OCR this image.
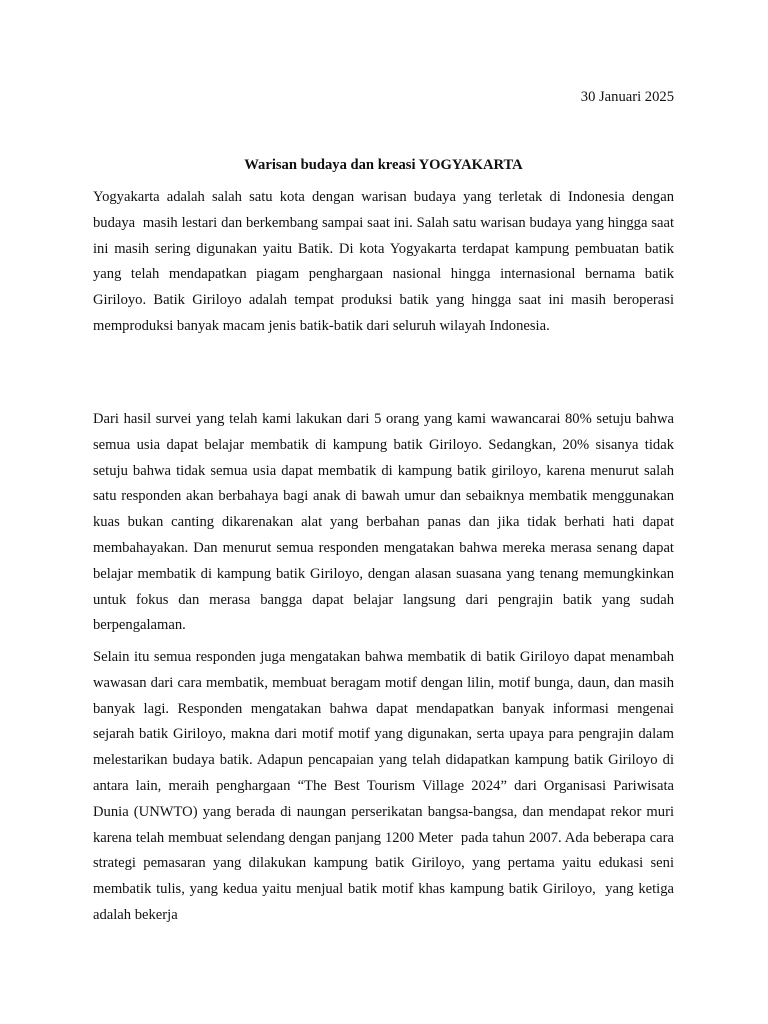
30 Januari 2025
Warisan budaya dan kreasi YOGYAKARTA

Yogyakarta adalah salah satu kota dengan warisan budaya yang terletak di Indonesia dengan budaya  masih lestari dan berkembang sampai saat ini. Salah satu warisan budaya yang hingga saat ini masih sering digunakan yaitu Batik. Di kota Yogyakarta terdapat kampung pembuatan batik yang telah mendapatkan piagam penghargaan nasional hingga internasional bernama batik Giriloyo. Batik Giriloyo adalah tempat produksi batik yang hingga saat ini masih beroperasi memproduksi banyak macam jenis batik-batik dari seluruh wilayah Indonesia.

Dari hasil survei yang telah kami lakukan dari 5 orang yang kami wawancarai 80% setuju bahwa semua usia dapat belajar membatik di kampung batik Giriloyo. Sedangkan, 20% sisanya tidak setuju bahwa tidak semua usia dapat membatik di kampung batik giriloyo, karena menurut salah satu responden akan berbahaya bagi anak di bawah umur dan sebaiknya membatik menggunakan kuas bukan canting dikarenakan alat yang berbahan panas dan jika tidak berhati hati dapat membahayakan. Dan menurut semua responden mengatakan bahwa mereka merasa senang dapat belajar membatik di kampung batik Giriloyo, dengan alasan suasana yang tenang memungkinkan untuk fokus dan merasa bangga dapat belajar langsung dari pengrajin batik yang sudah berpengalaman.

Selain itu semua responden juga mengatakan bahwa membatik di batik Giriloyo dapat menambah wawasan dari cara membatik, membuat beragam motif dengan lilin, motif bunga, daun, dan masih banyak lagi. Responden mengatakan bahwa dapat mendapatkan banyak informasi mengenai sejarah batik Giriloyo, makna dari motif motif yang digunakan, serta upaya para pengrajin dalam melestarikan budaya batik. Adapun pencapaian yang telah didapatkan kampung batik Giriloyo di antara lain, meraih penghargaan “The Best Tourism Village 2024” dari Organisasi Pariwisata Dunia (UNWTO) yang berada di naungan perserikatan bangsa-bangsa, dan mendapat rekor muri karena telah membuat selendang dengan panjang 1200 Meter  pada tahun 2007. Ada beberapa cara strategi pemasaran yang dilakukan kampung batik Giriloyo, yang pertama yaitu edukasi seni membatik tulis, yang kedua yaitu menjual batik motif khas kampung batik Giriloyo,  yang ketiga adalah bekerja
